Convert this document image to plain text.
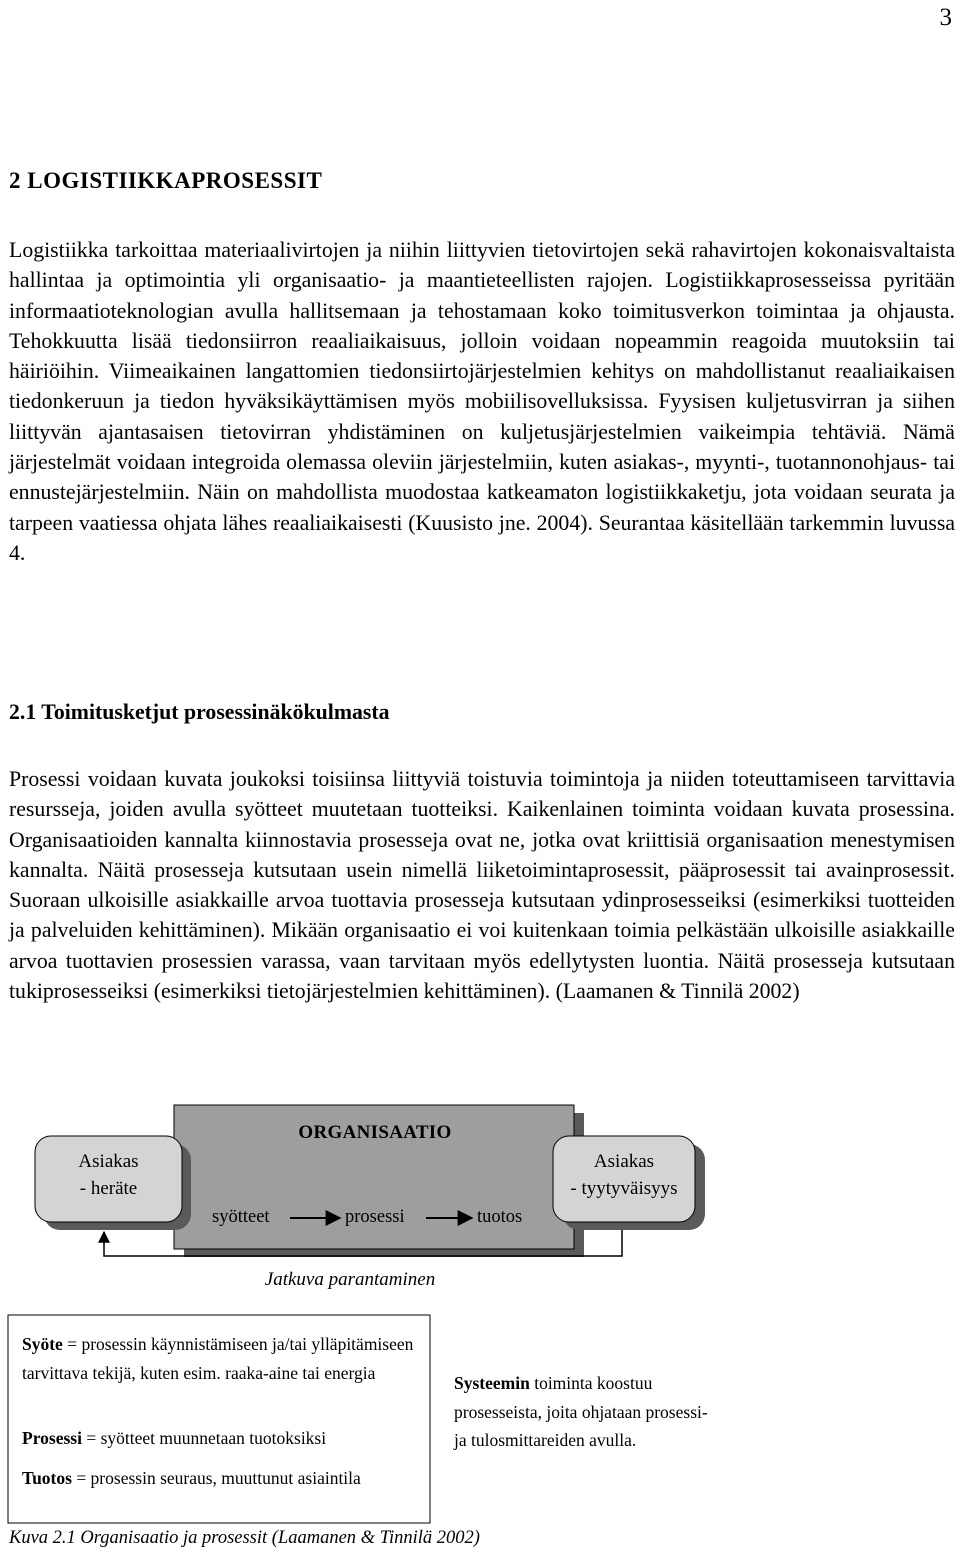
3
2 LOGISTIIKKAPROSESSIT

Logistiikka tarkoittaa materiaalivirtojen ja niihin liittyvien tietovirtojen sekä rahavirtojen kokonaisvaltaista hallintaa ja optimointia yli organisaatio- ja maantieteellisten rajojen. Logistiikkaprosesseissa pyritään informaatioteknologian avulla hallitsemaan ja tehostamaan koko toimitusverkon toimintaa ja ohjausta. Tehokkuutta lisää tiedonsiirron reaaliaikaisuus, jolloin voidaan nopeammin reagoida muutoksiin tai häiriöihin. Viimeaikainen langattomien tiedonsiirtojärjestelmien kehitys on mahdollistanut reaaliaikaisen tiedonkeruun ja tiedon hyväksikäyttämisen myös mobiilisovelluksissa. Fyysisen kuljetusvirran ja siihen liittyvän ajantasaisen tietovirran yhdistäminen on kuljetusjärjestelmien vaikeimpia tehtäviä. Nämä järjestelmät voidaan integroida olemassa oleviin järjestelmiin, kuten asiakas-, myynti-, tuotannonohjaus- tai ennustejärjestelmiin. Näin on mahdollista muodostaa katkeamaton logistiikkaketju, jota voidaan seurata ja tarpeen vaatiessa ohjata lähes reaaliaikaisesti (Kuusisto jne. 2004). Seurantaa käsitellään tarkemmin luvussa 4.

2.1 Toimitusketjut prosessinäkökulmasta

Prosessi voidaan kuvata joukoksi toisiinsa liittyviä toistuvia toimintoja ja niiden toteuttamiseen tarvittavia resursseja, joiden avulla syötteet muutetaan tuotteiksi. Kaikenlainen toiminta voidaan kuvata prosessina. Organisaatioiden kannalta kiinnostavia prosesseja ovat ne, jotka ovat kriittisiä organisaation menestymisen kannalta. Näitä prosesseja kutsutaan usein nimellä liiketoimintaprosessit, pääprosessit tai avainprosessit. Suoraan ulkoisille asiakkaille arvoa tuottavia prosesseja kutsutaan ydinprosesseiksi (esimerkiksi tuotteiden ja palveluiden kehittäminen). Mikään organisaatio ei voi kuitenkaan toimia pelkästään ulkoisille asiakkaille arvoa tuottavien prosessien varassa, vaan tarvitaan myös edellytysten luontia. Näitä prosesseja kutsutaan tukiprosesseiksi (esimerkiksi tietojärjestelmien kehittäminen). (Laamanen & Tinnilä 2002)

Asiakas
- heräte
ORGANISAATIO
syötteet	prosessi	tuotos
Asiakas
- tyytyväisyys
Jatkuva parantaminen

Syöte = prosessin käynnistämiseen ja/tai ylläpitämiseen tarvittava tekijä, kuten esim. raaka-aine tai energia

Prosessi = syötteet muunnetaan tuotoksiksi

Tuotos = prosessin seuraus, muuttunut asiaintila

Systeemin toiminta koostuu prosesseista, joita ohjataan prosessi- ja tulosmittareiden avulla.

Kuva 2.1 Organisaatio ja prosessit (Laamanen & Tinnilä 2002)
